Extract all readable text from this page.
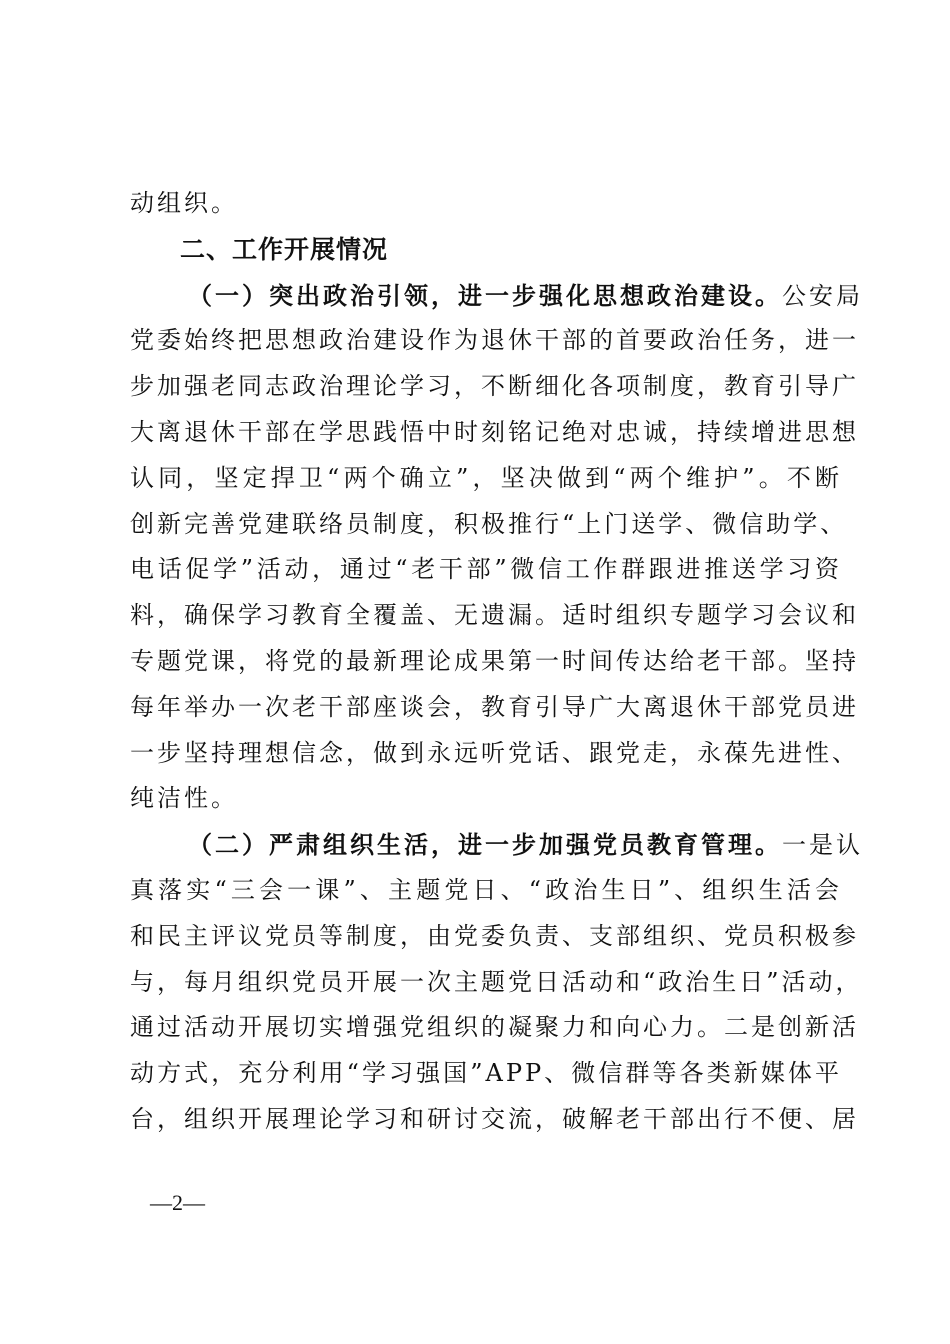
动组织。
二、工作开展情况
（一）突出政治引领，进一步强化思想政治建设。公安局
党委始终把思想政治建设作为退休干部的首要政治任务，进一
步加强老同志政治理论学习，不断细化各项制度，教育引导广
大离退休干部在学思践悟中时刻铭记绝对忠诚，持续增进思想
认同，坚定捍卫“两个确立”，坚决做到“两个维护”。不断
创新完善党建联络员制度，积极推行“上门送学、微信助学、
电话促学”活动，通过“老干部”微信工作群跟进推送学习资
料，确保学习教育全覆盖、无遗漏。适时组织专题学习会议和
专题党课，将党的最新理论成果第一时间传达给老干部。坚持
每年举办一次老干部座谈会，教育引导广大离退休干部党员进
一步坚持理想信念，做到永远听党话、跟党走，永葆先进性、
纯洁性。
（二）严肃组织生活，进一步加强党员教育管理。一是认
真落实“三会一课”、主题党日、“政治生日”、组织生活会
和民主评议党员等制度，由党委负责、支部组织、党员积极参
与，每月组织党员开展一次主题党日活动和“政治生日”活动，
通过活动开展切实增强党组织的凝聚力和向心力。二是创新活
动方式，充分利用“学习强国”APP、微信群等各类新媒体平
台，组织开展理论学习和研讨交流，破解老干部出行不便、居
—2—
